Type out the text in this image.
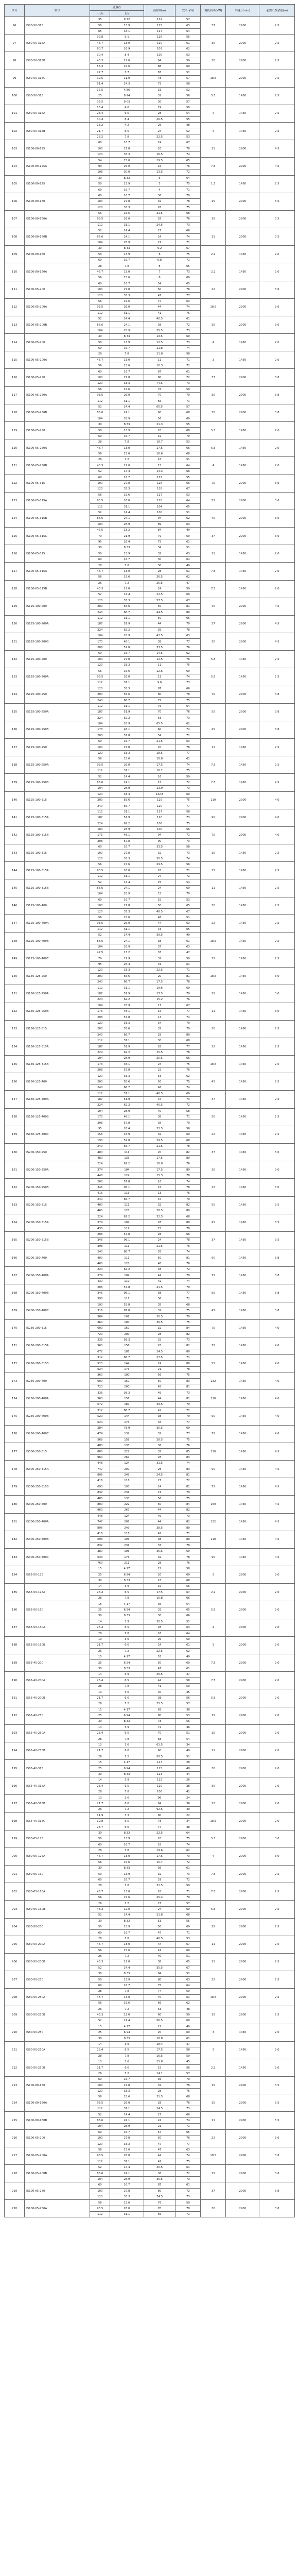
序号	型号	流量Q		扬程H(m)	效率η(%)	电机功率(kW)	转速(r/min)	必需汽蚀余量(m)
		m³/h	L/s					
96	IS80-50-315	35	9.72	132	57	37	2900	2.5
		50	13.9	125	63			
		65	18.1	117	64			
97	IS80-50-315A	32.8	9.1	116	55	30	2900	2.5
		46.7	13.0	110	61			
		60.7	16.9	103	62			
98	IS80-50-315B	30.4	8.4	100	53	30	2900	2.5
		43.3	12.0	94	59			
		56.3	15.6	88	60			
99	IS80-50-315C	27.7	7.7	83	51	18.5	2900	2.5
		39.5	11.0	78	57			
		51.4	14.3	73	58			
100	IS80-50-315	17.5	4.86	33	52	5.5	1450	2.5
		25	6.94	32	56			
		32.5	9.03	30	57			
101	IS80-50-315A	16.4	4.6	29	50	4	1450	2.5
		23.4	6.5	28	54			
		30.4	8.4	26.5	55			
102	IS80-50-315B	15.2	4.2	25	48	4	1450	2.5
		21.7	6.0	24	52			
		28.2	7.8	22.5	53			
103	IS100-80-125	60	16.7	24	67	11	2900	4.5
		100	27.8	20	78			
		120	33.3	16.5	74			
104	IS100-80-125A	54	15.0	19.5	65	7.5	2900	4.5
		90	25.0	16	76			
		108	30.0	13.5	72			
105	IS100-80-125	30	8.33	6	64	1.5	1450	2.5
		50	13.9	5	75			
		60	16.7	4	71			
106	IS100-80-160	60	16.7	36	70	15	2900	3.5
		100	27.8	32	78			
		120	33.3	28	75			
107	IS100-80-160A	56	15.6	31.5	68	15	2900	3.5
		93.5	26.0	28	76			
		112	31.1	24.5	73			
108	IS100-80-160B	52	14.4	27	66	11	2900	3.5
		86.6	24.1	24	74			
		104	28.9	21	71			
109	IS100-80-160	30	8.33	9.2	67	2.2	1450	2.0
		50	13.9	8	75			
		60	16.7	6.8	71			
110	IS100-80-160A	28	7.8	8	65	2.2	1450	2.0
		46.7	13.0	7	73			
		56	15.6	6	69			
111	IS100-65-200	60	16.7	54	65	22	2900	3.6
		100	27.8	50	76			
		120	33.3	47	77			
112	IS100-65-200A	56	15.6	47	63	18.5	2900	3.6
		93.5	26.0	44	74			
		112	31.1	41	75			
113	IS100-65-200B	52	14.4	40.5	61	15	2900	3.6
		86.6	24.1	38	72			
		104	28.9	35.5	73			
114	IS100-65-200	30	8.33	13.5	60	4	1450	2.0
		50	13.9	12.5	73			
		60	16.7	11.8	74			
115	IS100-65-200A	28	7.8	11.8	58	3	1450	2.0
		46.7	13.0	11	71			
		56	15.6	10.3	72			
116	IS100-65-250	60	16.7	87	61	37	2900	3.8
		100	27.8	80	72			
		120	33.3	74.5	73			
117	IS100-65-250A	56	15.6	76	59	30	2900	3.8
		93.5	26.0	70	70			
		112	31.1	65	71			
118	IS100-65-250B	52	14.4	65.5	57	30	2900	3.8
		86.6	24.1	60	68			
		104	28.9	56	69			
119	IS100-65-250	30	8.33	21.3	55	5.5	1450	2.0
		50	13.9	20	68			
		60	16.7	19	70			
120	IS100-65-250A	28	7.8	18.7	53	5.5	1450	2.0
		46.7	13.0	17.5	66			
		56	15.6	16.6	68			
121	IS100-65-250B	26	7.2	16	51	4	1450	2.0
		43.3	12.0	15	64			
		52	14.4	14.3	66			
122	IS100-65-315	60	16.7	133	55	75	2900	3.6
		100	27.8	125	66			
		120	33.3	118	67			
123	IS100-65-315A	56	15.6	117	53	55	2900	3.6
		93.5	26.0	110	64			
		112	31.1	104	65			
124	IS100-65-315B	52	14.4	100	51	45	2900	3.6
		86.6	24.1	94	62			
		104	28.9	89	63			
125	IS100-65-315C	47.5	13.2	84	49	37	2900	3.6
		79	21.9	79	60			
		95	26.4	75	61			
126	IS100-65-315	30	8.33	34	51	11	1450	2.0
		50	13.9	32	63			
		60	16.7	30	64			
127	IS100-65-315A	28	7.8	30	49	7.5	1450	2.0
		46.7	13.0	28	61			
		56	15.6	26.5	62			
128	IS100-65-315B	26	7.2	25.5	47	7.5	1450	2.0
		43.3	12.0	24	59			
		52	14.4	22.5	60			
129	IS125-100-200	120	33.3	57.5	67	45	2900	4.5
		200	55.6	50	81			
		240	66.7	44.5	80			
130	IS125-100-200A	112	31.1	50	65	37	2900	4.5
		187	51.9	44	79			
		224	62.2	39	78			
131	IS125-100-200B	104	28.9	43.5	63	30	2900	4.5
		173	48.1	38	77			
		208	57.8	33.5	76			
132	IS125-100-200	60	16.7	14.5	62	5.5	1450	2.5
		100	27.8	12.5	76			
		120	33.3	11	75			
133	IS125-100-200A	56	15.6	12.6	60	5.5	1450	2.5
		93.5	26.0	11	74			
		112	31.1	9.6	73			
134	IS125-100-250	120	33.3	87	66	75	2900	3.8
		200	55.6	80	78			
		240	66.7	72	75			
135	IS125-100-250A	112	31.1	76	64	55	2900	3.8
		187	51.9	70	76			
		224	62.2	63	73			
136	IS125-100-250B	104	28.9	65.5	62	45	2900	3.8
		173	48.1	60	74			
		208	57.8	54	71			
137	IS125-100-250	60	16.7	21.5	63	11	1450	2.5
		100	27.8	20	76			
		120	33.3	18.5	77			
138	IS125-100-250A	56	15.6	18.8	61	7.5	1450	2.5
		93.5	26.0	17.5	74			
		112	31.1	16.2	75			
139	IS125-100-250B	52	14.4	16	59	7.5	1450	2.5
		86.6	24.1	15	72			
		104	28.9	13.9	73			
140	IS125-100-315	120	33.3	132.5	60	110	2900	4.0
		200	55.6	125	75			
		240	66.7	120	77			
141	IS125-100-315A	112	31.1	117	58	90	2900	4.0
		187	51.9	110	73			
		224	62.2	106	75			
142	IS125-100-315B	104	28.9	100	56	75	2900	4.0
		173	48.1	94	71			
		208	57.8	90	73			
143	IS125-100-315	60	16.7	33.5	58	15	1450	2.5
		100	27.8	32	73			
		120	33.3	30.5	74			
144	IS125-100-315A	56	15.6	29.5	56	15	1450	2.5
		93.5	26.0	28	71			
		112	31.1	27	72			
145	IS125-100-315B	52	14.4	25	54	11	1450	2.5
		86.6	24.1	24	69			
		104	28.9	23	70			
146	IS125-100-400	60	16.7	52	53	30	1450	2.5
		100	27.8	50	65			
		120	33.3	48.5	67			
147	IS125-100-400A	56	15.6	46	51	22	1450	2.5
		93.5	26.0	44	63			
		112	31.1	43	65			
148	IS125-100-400B	52	14.4	39.5	49	18.5	1450	2.5
		86.6	24.1	38	61			
		104	28.9	37	63			
149	IS125-100-400C	47.5	13.2	33	47	15	1450	2.5
		79	21.9	32	59			
		95	26.4	31	61			
150	IS150-125-250	120	33.3	22.5	71	18.5	1450	3.0
		200	55.6	20	81			
		240	66.7	17.5	78			
151	IS150-125-250A	112	31.1	19.6	69	15	1450	3.0
		187	51.9	17.5	79			
		224	62.2	15.2	76			
152	IS150-125-250B	104	28.9	17	67	11	1450	3.0
		173	48.1	15	77			
		208	57.8	13	74			
153	IS150-125-315	120	33.3	34	70	30	1450	2.5
		200	55.6	32	79			
		240	66.7	29	80			
154	IS150-125-315A	112	31.1	30	68	22	1450	2.5
		187	51.9	28	77			
		224	62.2	25.5	78			
155	IS150-125-315B	104	28.9	25.5	66	18.5	1450	2.5
		173	48.1	24	75			
		208	57.8	22	76			
156	IS150-125-400	120	33.3	53	62	45	1450	2.5
		200	55.6	50	75			
		240	66.7	46	74			
157	IS150-125-400A	112	31.1	46.5	60	37	1450	2.5
		187	51.9	44	73			
		224	62.2	40.5	72			
158	IS150-125-400B	104	28.9	40	58	30	1450	2.5
		173	48.1	38	71			
		208	57.8	35	70			
159	IS150-125-400C	95	26.4	33.5	56	22	1450	2.5
		158	43.9	32	69			
		190	52.8	29.5	68			
160	IS200-150-250	240	66.7	21.5	78	37	1450	3.0
		400	111	20	82			
		480	133	17.5	80			
161	IS200-150-250A	224	62.2	18.8	76	30	1450	3.0
		374	104	17.5	80			
		448	124	15.3	78			
162	IS200-150-250B	208	57.8	16	74	22	1450	3.0
		346	96.1	15	78			
		416	116	13	76			
163	IS200-150-315	240	66.7	37	70	55	1450	3.5
		400	111	32	82			
		460	128	28.5	80			
164	IS200-150-315A	224	62.2	32.5	68	45	1450	3.5
		374	104	28	80			
		430	119	25	78			
165	IS200-150-315B	208	57.8	28	66	37	1450	3.5
		346	96.1	24	78			
		398	111	21.5	76			
166	IS200-150-400	240	66.7	55	74	90	1450	3.8
		400	111	50	81			
		460	128	48	76			
167	IS200-150-400A	224	62.2	48	72	75	1450	3.8
		374	104	44	79			
		430	119	42	74			
168	IS200-150-400B	208	57.8	41.5	70	55	1450	3.8
		346	96.1	38	77			
		398	111	36	72			
169	IS200-150-400C	190	52.8	35	68	45	1450	3.8
		316	87.8	32	75			
		364	101	30.5	70			
170	IS250-200-315	360	100	36.5	75	75	1450	4.0
		600	167	32	84			
		720	200	28	82			
171	IS250-200-315A	336	93.3	32	73	75	1450	4.0
		560	156	28	82			
		672	187	24.5	80			
172	IS250-200-315B	312	86.7	27.5	71	55	1450	4.0
		520	144	24	80			
		624	173	21	78			
173	IS250-200-400	360	100	56	75	132	1450	4.0
		600	167	50	83			
		720	200	45	81			
174	IS250-200-400A	336	93.3	49	73	110	1450	4.0
		560	156	44	81			
		672	187	39.5	79			
175	IS250-200-400B	312	86.7	42	71	90	1450	4.0
		520	144	38	79			
		624	173	34	77			
176	IS250-200-400C	284	78.9	35.5	69	75	1450	4.0
		474	132	32	77			
		568	158	28.5	75			
177	IS300-250-315	480	133	36	76	110	1450	4.5
		800	222	32	85			
		960	267	28	83			
178	IS300-250-315A	448	124	31.5	74	90	1450	4.5
		747	207	28	83			
		896	249	24.5	81			
179	IS300-250-315B	416	116	27	72	75	1450	4.5
		693	193	24	81			
		832	231	21	79			
180	IS300-250-400	480	133	56	75	160	1450	4.5
		800	222	50	84			
		960	267	44	82			
181	IS300-250-400A	448	124	49	73	132	1450	4.5
		747	207	44	82			
		896	249	38.5	80			
182	IS300-250-400B	416	116	42	71	110	1450	4.5
		693	193	38	80			
		832	231	33	78			
183	IS300-250-400C	380	106	35.5	69	90	1450	4.5
		633	176	32	78			
		760	211	28	76			
184	IS65-50-125	15	4.17	22	58	3	2900	2.0
		25	6.94	20	69			
		30	8.33	18	68			
185	IS65-50-125A	14	3.9	19	56	2.2	2900	2.0
		23.4	6.5	17.5	67			
		28	7.8	15.8	66			
186	IS65-50-160	15	4.17	35	54	5.5	2900	2.0
		25	6.94	32	65			
		30	8.33	30	66			
187	IS65-50-160A	14	3.9	30.5	52	4	2900	2.0
		23.4	6.5	28	63			
		28	7.8	26	64			
188	IS65-50-160B	13	3.6	26	50	3	2900	2.0
		21.7	6.0	24	61			
		26	7.2	22.5	62			
189	IS65-40-200	15	4.17	53	49	7.5	2900	2.0
		25	6.94	50	60			
		30	8.33	47	61			
190	IS65-40-200A	14	3.9	46.5	47	7.5	2900	2.0
		23.4	6.5	44	58			
		28	7.8	41	59			
191	IS65-40-200B	13	3.6	40	45	5.5	2900	2.0
		21.7	6.0	38	56			
		26	7.2	35.5	57			
192	IS65-40-250	15	4.17	82	38	15	2900	2.0
		25	6.94	80	53			
		30	8.33	78	56			
193	IS65-40-250A	14	3.9	72	36	15	2900	2.0
		23.4	6.5	70	51			
		28	7.8	68	54			
194	IS65-40-250B	13	3.6	61.5	34	11	2900	2.0
		21.7	6.0	60	49			
		26	7.2	58.5	52			
195	IS65-40-315	15	4.17	127	28	30	2900	2.0
		25	6.94	125	40			
		30	8.33	123	44			
196	IS65-40-315A	14	3.9	112	26	30	2900	2.0
		23.4	6.5	110	38			
		28	7.8	108	42			
197	IS65-40-315B	13	3.6	96	24	22	2900	2.0
		21.7	6.0	94	36			
		26	7.2	92.5	40			
198	IS65-40-315C	11.9	3.3	80	22	18.5	2900	2.0
		19.8	5.5	78	34			
		23.7	6.6	77	38			
199	IS80-65-125	30	8.33	22.5	64	5.5	2900	3.0
		50	13.9	20	75			
		60	16.7	18	74			
200	IS80-65-125A	28	7.8	19.6	62	4	2900	3.0
		46.7	13.0	17.5	73			
		56	15.6	15.7	72			
201	IS80-65-160	30	8.33	36	61	7.5	2900	2.5
		50	13.9	32	73			
		60	16.7	29	72			
202	IS80-65-160A	28	7.8	31.5	59	7.5	2900	2.5
		46.7	13.0	28	71			
		56	15.6	25.4	70			
203	IS80-65-160B	26	7.2	27	57	5.5	2900	2.5
		43.3	12.0	24	69			
		52	14.4	21.8	68			
204	IS80-50-200	30	8.33	53	55	15	2900	2.5
		50	13.9	50	69			
		60	16.7	47	71			
205	IS80-50-200A	28	7.8	46.5	53	11	2900	2.5
		46.7	13.0	44	67			
		56	15.6	41	69			
206	IS80-50-200B	26	7.2	40	51	11	2900	2.5
		43.3	12.0	38	65			
		52	14.4	35.5	67			
207	IS80-50-250	30	8.33	84	52	22	2900	2.5
		50	13.9	80	63			
		60	16.7	75	64			
208	IS80-50-250A	28	7.8	74	50	18.5	2900	2.5
		46.7	13.0	70	61			
		56	15.6	66	62			
209	IS80-50-250B	26	7.2	63	48	15	2900	2.5
		43.3	12.0	60	59			
		52	14.4	56.5	60			
210	IS80-50-250	15	4.17	21	49	3	1450	2.0
		25	6.94	20	60			
		30	8.33	18.8	61			
211	IS80-50-250A	14	3.9	18.4	47	3	1450	2.0
		23.4	6.5	17.5	58			
		28	7.8	16.5	59			
212	IS80-50-250B	13	3.6	15.8	45	2.2	1450	2.0
		21.7	6.0	15	56			
		26	7.2	14.1	57			
213	IS100-80-160	60	16.7	36	70	15	2900	3.5
		100	27.8	32	78			
		120	33.3	28	75			
214	IS100-80-160A	56	15.6	31.5	68	15	2900	3.5
		93.5	26.0	28	76			
		112	31.1	24.5	73			
215	IS100-80-160B	52	14.4	27	66	11	2900	3.5
		86.6	24.1	24	74			
		104	28.9	21	71			
216	IS100-65-200	60	16.7	54	65	22	2900	3.6
		100	27.8	50	76			
		120	33.3	47	77			
217	IS100-65-200A	56	15.6	47	63	18.5	2900	3.6
		93.5	26.0	44	74			
		112	31.1	41	75			
218	IS100-65-200B	52	14.4	40.5	61	15	2900	3.6
		86.6	24.1	38	72			
		104	28.9	35.5	73			
219	IS100-65-250	60	16.7	87	61	37	2900	3.8
		100	27.8	80	72			
		120	33.3	74.5	73			
220	IS100-65-250A	56	15.6	76	59	30	2900	3.8
		93.5	26.0	70	70			
		112	31.1	65	71			
